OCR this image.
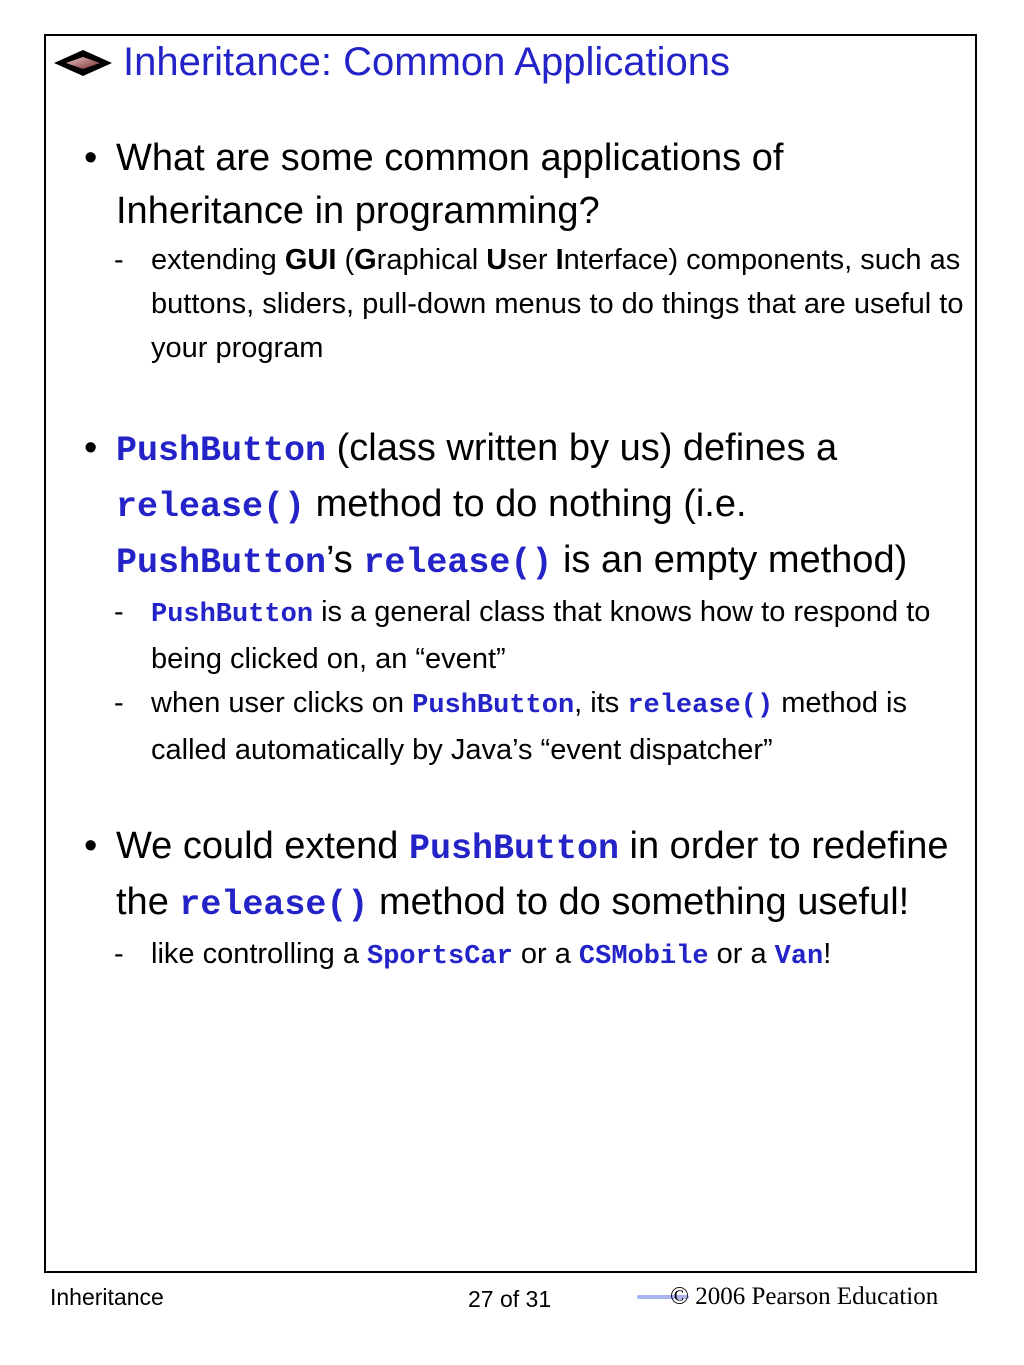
Inheritance: Common Applications
• What are some common applications of Inheritance in programming?
- extending GUI (Graphical User Interface) components, such as buttons, sliders, pull-down menus to do things that are useful to your program
• PushButton (class written by us) defines a release() method to do nothing (i.e. PushButton’s release() is an empty method)
- PushButton is a general class that knows how to respond to being clicked on, an “event”
- when user clicks on PushButton, its release() method is called automatically by Java’s “event dispatcher”
• We could extend PushButton in order to redefine the release() method to do something useful!
- like controlling a SportsCar or a CSMobile or a Van!
Inheritance	27 of 31	© 2006 Pearson Education
